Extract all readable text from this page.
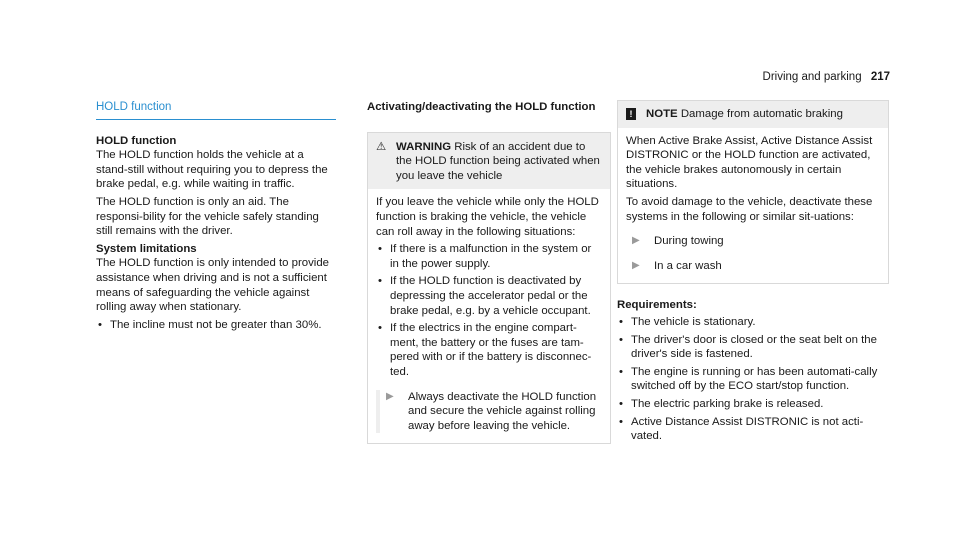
Driving and parking 217
HOLD function
HOLD function

The HOLD function holds the vehicle at a stand-still without requiring you to depress the brake pedal, e.g. while waiting in traffic.

The HOLD function is only an aid. The responsi-bility for the vehicle safely standing still remains with the driver.

System limitations

The HOLD function is only intended to provide assistance when driving and is not a sufficient means of safeguarding the vehicle against rolling away when stationary.

• The incline must not be greater than 30%.
Activating/deactivating the HOLD function
⚠ WARNING Risk of an accident due to the HOLD function being activated when you leave the vehicle

If you leave the vehicle while only the HOLD function is braking the vehicle, the vehicle can roll away in the following situations:

• If there is a malfunction in the system or in the power supply.
• If the HOLD function is deactivated by depressing the accelerator pedal or the brake pedal, e.g. by a vehicle occupant.
• If the electrics in the engine compart-ment, the battery or the fuses are tam-pered with or if the battery is disconnec-ted.
▶	Always deactivate the HOLD function and secure the vehicle against rolling away before leaving the vehicle.
!	NOTE Damage from automatic braking

When Active Brake Assist, Active Distance Assist DISTRONIC or the HOLD function are activated, the vehicle brakes autonomously in certain situations.

To avoid damage to the vehicle, deactivate these systems in the following or similar sit-uations:

▶	During towing
▶	In a car wash
Requirements:
• The vehicle is stationary.
• The driver's door is closed or the seat belt on the driver's side is fastened.
• The engine is running or has been automati-cally switched off by the ECO start/stop function.
• The electric parking brake is released.
• Active Distance Assist DISTRONIC is not acti-vated.
